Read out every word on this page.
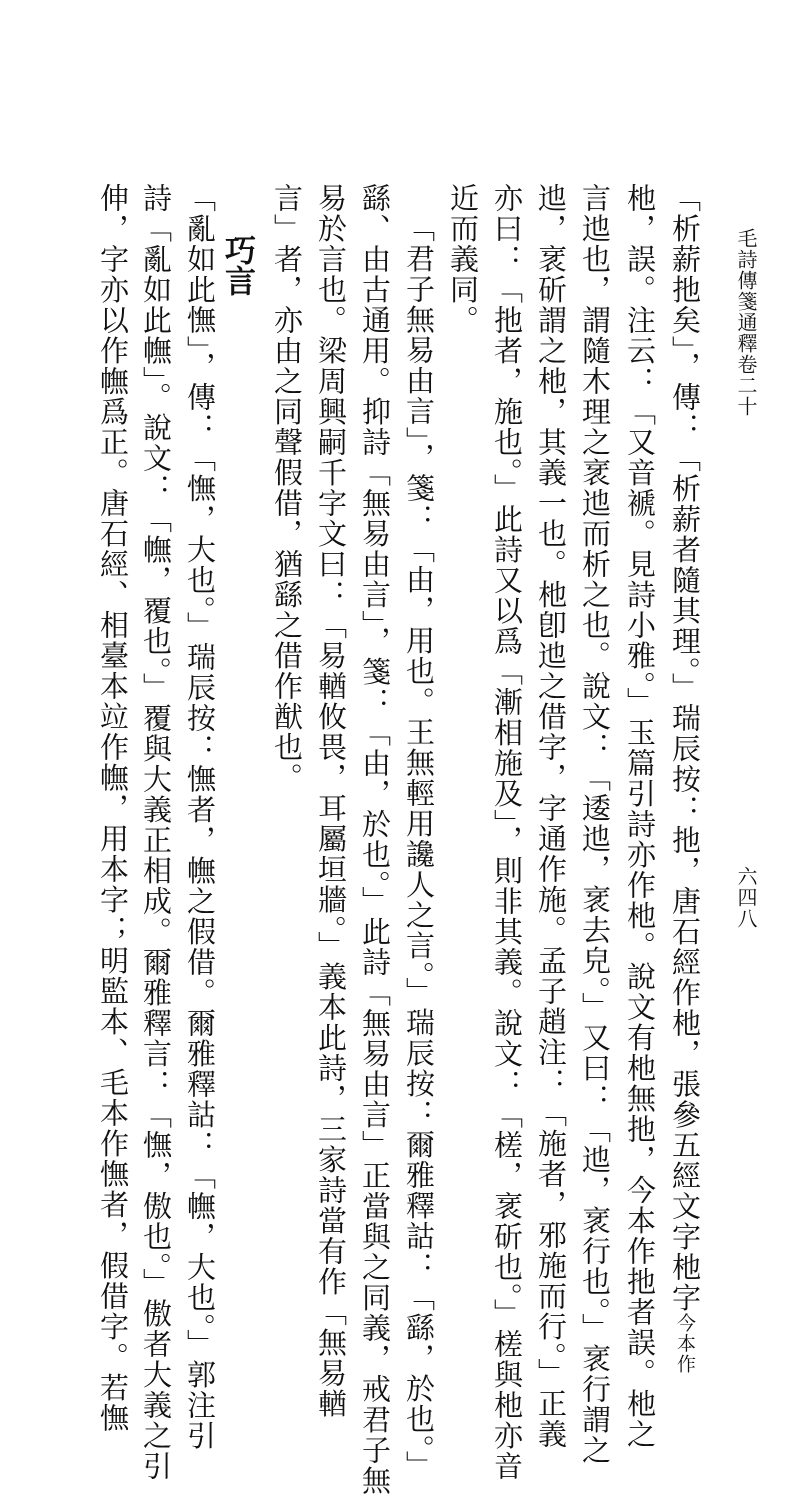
毛詩傳箋通釋卷二十
六四八
「析薪扡矣」，傳：「析薪者隨其理。」瑞辰按：扡，唐石經作杝，張參五經文字杝字今本作
杝，誤。注云：「又音褫。見詩小雅。」玉篇引詩亦作杝。說文有杝無扡，今本作扡者誤。杝之
言迆也，謂隨木理之衺迆而析之也。說文：「逶迆，衺去皃。」又曰：「迆，衺行也。」衺行謂之
迆，衺斫謂之杝，其義一也。杝卽迆之借字，字通作施。孟子趙注：「施者，邪施而行。」正義
亦曰：「扡者，施也。」此詩又以爲「漸相施及」，則非其義。說文：「槎，衺斫也。」槎與杝亦音
近而義同。
「君子無易由言」，箋：「由，用也。王無輕用讒人之言。」瑞辰按：爾雅釋詁：「繇，於也。」
繇、由古通用。抑詩「無易由言」，箋：「由，於也。」此詩「無易由言」正當與之同義，戒君子無
易於言也。梁周興嗣千字文曰：「易輶攸畏，耳屬垣牆。」義本此詩，三家詩當有作「無易輶
言」者，亦由之同聲假借，猶繇之借作猷也。
巧言
「亂如此憮」，傳：「憮，大也。」瑞辰按：憮者，幠之假借。爾雅釋詁：「幠，大也。」郭注引
詩「亂如此幠」。說文：「幠，覆也。」覆與大義正相成。爾雅釋言：「憮，傲也。」傲者大義之引
伸，字亦以作幠爲正。唐石經、相臺本竝作幠，用本字；明監本、毛本作憮者，假借字。若憮
